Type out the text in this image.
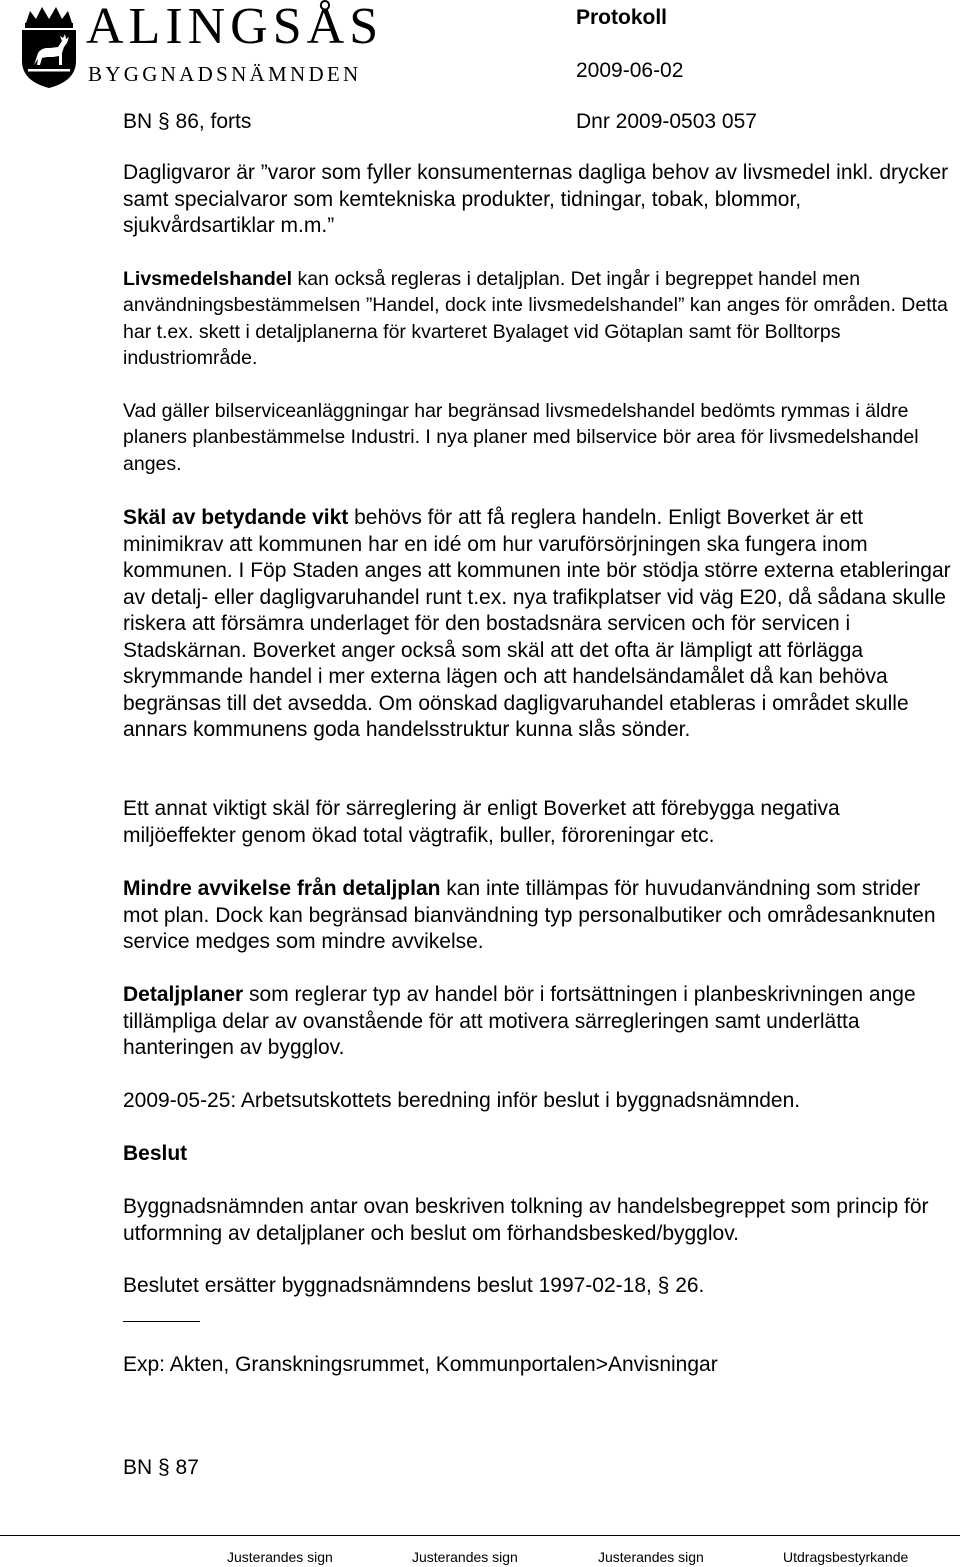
ALINGSÅS
BYGGNADSNÄMNDEN
Protokoll
2009-06-02
BN § 86, forts	Dnr 2009-0503 057

Dagligvaror är ”varor som fyller konsumenternas dagliga behov av livsmedel inkl. drycker samt specialvaror som kemtekniska produkter, tidningar, tobak, blommor, sjukvårdsartiklar m.m.”

Livsmedelshandel kan också regleras i detaljplan. Det ingår i begreppet handel men användningsbestämmelsen ”Handel, dock inte livsmedelshandel” kan anges för områden. Detta har t.ex. skett i detaljplanerna för kvarteret Byalaget vid Götaplan samt för Bolltorps industriområde.

Vad gäller bilserviceanläggningar har begränsad livsmedelshandel bedömts rymmas i äldre planers planbestämmelse Industri. I nya planer med bilservice bör area för livsmedelshandel anges.

Skäl av betydande vikt behövs för att få reglera handeln. Enligt Boverket är ett minimikrav att kommunen har en idé om hur varuförsörjningen ska fungera inom kommunen. I Föp Staden anges att kommunen inte bör stödja större externa etableringar av detalj- eller dagligvaruhandel runt t.ex. nya trafikplatser vid väg E20, då sådana skulle riskera att försämra underlaget för den bostadsnära servicen och för servicen i Stadskärnan. Boverket anger också som skäl att det ofta är lämpligt att förlägga skrymmande handel i mer externa lägen och att handelsändamålet då kan behöva begränsas till det avsedda. Om oönskad dagligvaruhandel etableras i området skulle annars kommunens goda handelsstruktur kunna slås sönder.

Ett annat viktigt skäl för särreglering är enligt Boverket att förebygga negativa miljöeffekter genom ökad total vägtrafik, buller, föroreningar etc.

Mindre avvikelse från detaljplan kan inte tillämpas för huvudanvändning som strider mot plan. Dock kan begränsad bianvändning typ personalbutiker och områdesanknuten service medges som mindre avvikelse.

Detaljplaner som reglerar typ av handel bör i fortsättningen i planbeskrivningen ange tillämpliga delar av ovanstående för att motivera särregleringen samt underlätta hanteringen av bygglov.

2009-05-25: Arbetsutskottets beredning inför beslut i byggnadsnämnden.

Beslut

Byggnadsnämnden antar ovan beskriven tolkning av handelsbegreppet som princip för utformning av detaljplaner och beslut om förhandsbesked/bygglov.

Beslutet ersätter byggnadsnämndens beslut 1997-02-18, § 26.

Exp: Akten, Granskningsrummet, Kommunportalen>Anvisningar

BN § 87

Justerandes sign	Justerandes sign	Justerandes sign	Utdragsbestyrkande
